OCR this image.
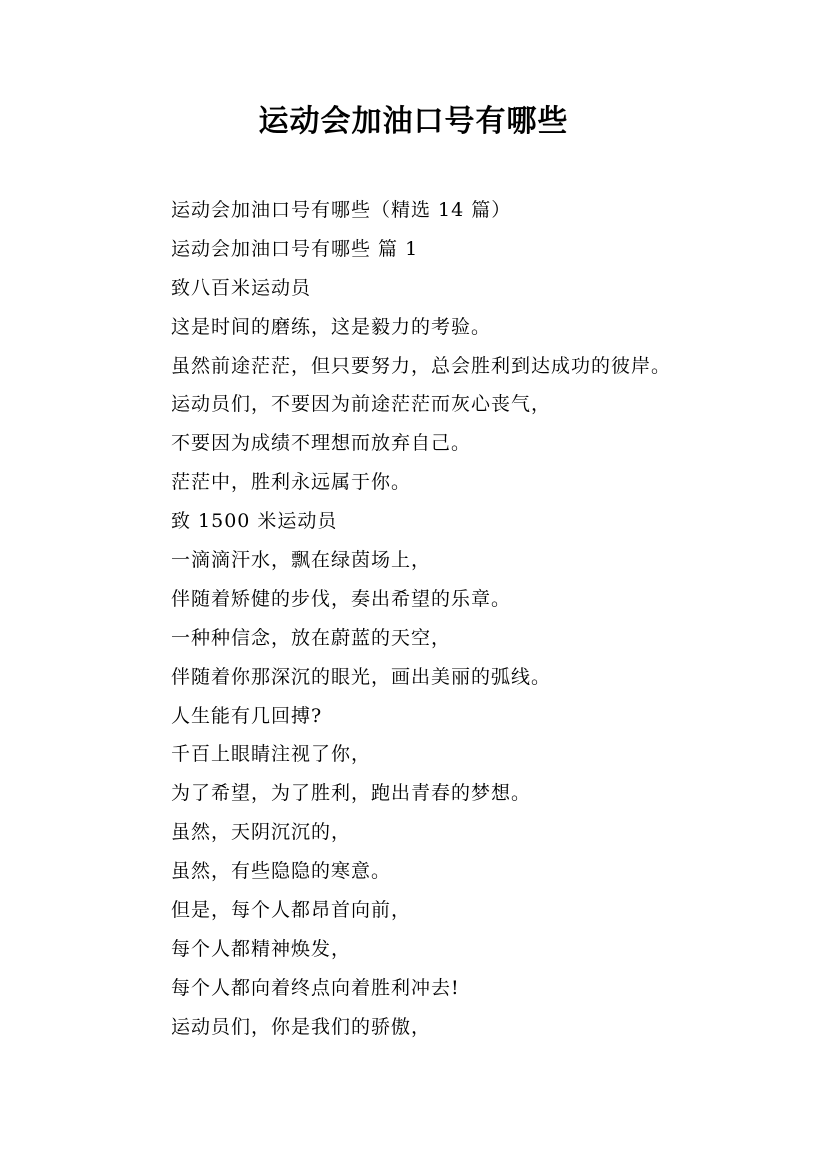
运动会加油口号有哪些
运动会加油口号有哪些（精选 14 篇）
运动会加油口号有哪些 篇 1
致八百米运动员
这是时间的磨练，这是毅力的考验。
虽然前途茫茫，但只要努力，总会胜利到达成功的彼岸。
运动员们，不要因为前途茫茫而灰心丧气，
不要因为成绩不理想而放弃自己。
茫茫中，胜利永远属于你。
致 1500 米运动员
一滴滴汗水，飘在绿茵场上，
伴随着矫健的步伐，奏出希望的乐章。
一种种信念，放在蔚蓝的天空，
伴随着你那深沉的眼光，画出美丽的弧线。
人生能有几回搏?
千百上眼睛注视了你，
为了希望，为了胜利，跑出青春的梦想。
虽然，天阴沉沉的，
虽然，有些隐隐的寒意。
但是，每个人都昂首向前，
每个人都精神焕发，
每个人都向着终点向着胜利冲去!
运动员们，你是我们的骄傲，
